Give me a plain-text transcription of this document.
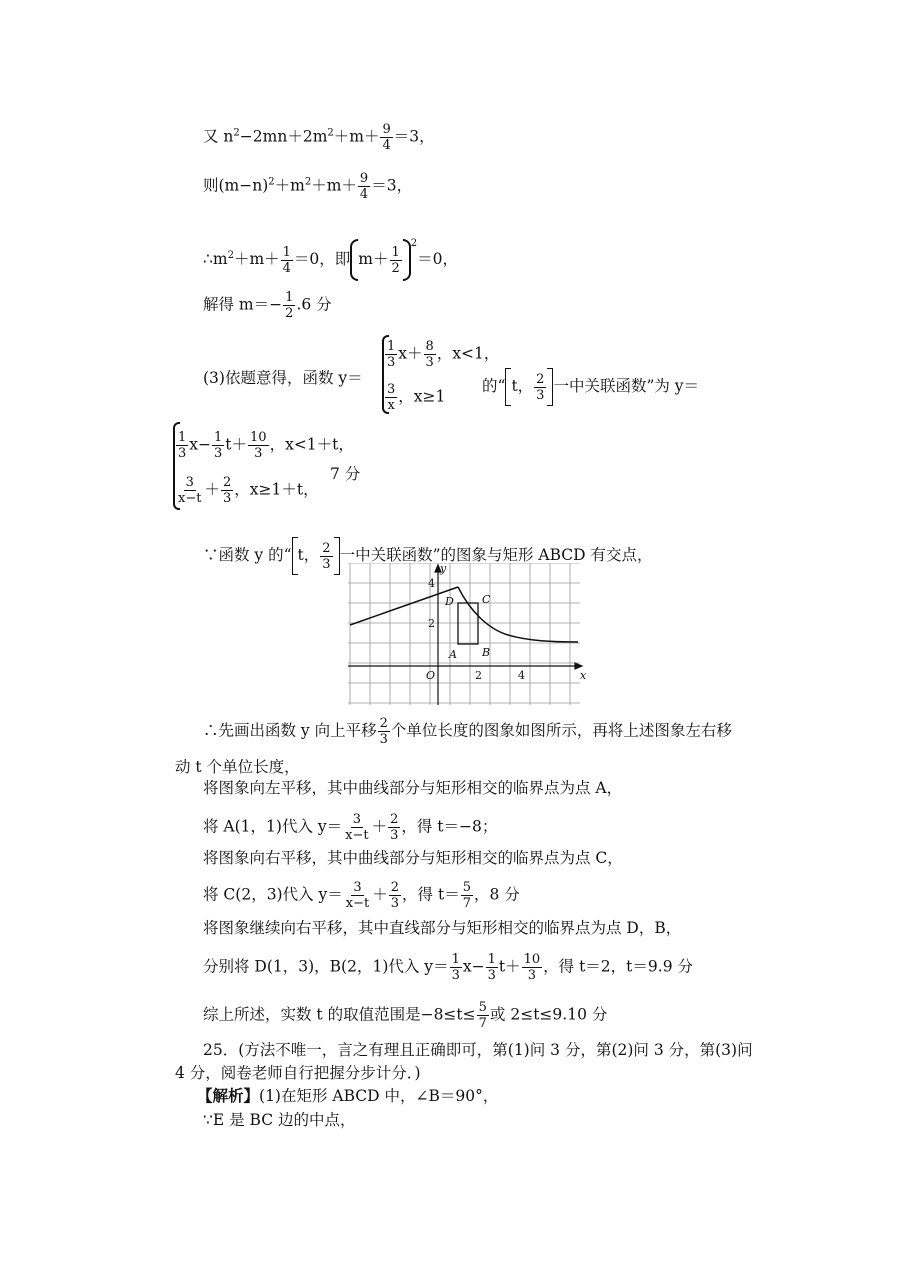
又 $n^2-2mn+2m^2+m+ \frac{9}{4} =3$，
则$(m-n)^2+m^2+m+ \frac{9}{4} =3$，
$\therefore m^2+m+ \frac{1}{4} =0$，即 $m+ \frac{1}{2}$
$^2$＝0，
解得 $m=- \frac{1}{2} .6$ 分
(3)依题意得，函数 y＝
$\frac{1}{3} x+ \frac{8}{3}$ ，x<1，
$\frac{3}{x}$ ，x≥1
的“ t， $\frac{2}{3}$ 一中关联函数”为 y＝
$\frac{1}{3} x- \frac{1}{3} t+ \frac{10}{3}$ ，x<1＋t，
$\frac{3}{x-t} + \frac{2}{3}$ ，x≥1＋t，
7 分
∵函数 y 的“ t， $\frac{2}{3}$ 一中关联函数”的图象与矩形 ABCD 有交点，
y
x
O
D	C
A B
4
2
2	4
∴先画出函数 y 向上平移 $\frac{2}{3}$ 个单位长度的图象如图所示，再将上述图象左右移
动 t 个单位长度，
将图象向左平移，其中曲线部分与矩形相交的临界点为点 A，
将 A(1，1)代入 $y= \frac{3}{x-t} + \frac{2}{3}$ ，得 t＝−8；
将图象向右平移，其中曲线部分与矩形相交的临界点为点 C，
将 C(2，3)代入 $y= \frac{3}{x-t} + \frac{2}{3}$ ，得 $t= \frac{5}{7}$ ，8 分
将图象继续向右平移，其中直线部分与矩形相交的临界点为点 D，B，
分别将 D(1，3)，B(2，1)代入 $y= \frac{1}{3} x- \frac{1}{3} t+ \frac{10}{3}$ ，得 t＝2，t＝9.9 分
综上所述，实数 t 的取值范围是$-8\le t\le \frac{5}{7}$ 或 2≤t≤9.10 分
25．(方法不唯一，言之有理且正确即可，第(1)问 3 分，第(2)问 3 分，第(3)问
4 分，阅卷老师自行把握分步计分．)
【解析】(1)在矩形 ABCD 中，∠B＝90°，
∵E 是 BC 边的中点，
